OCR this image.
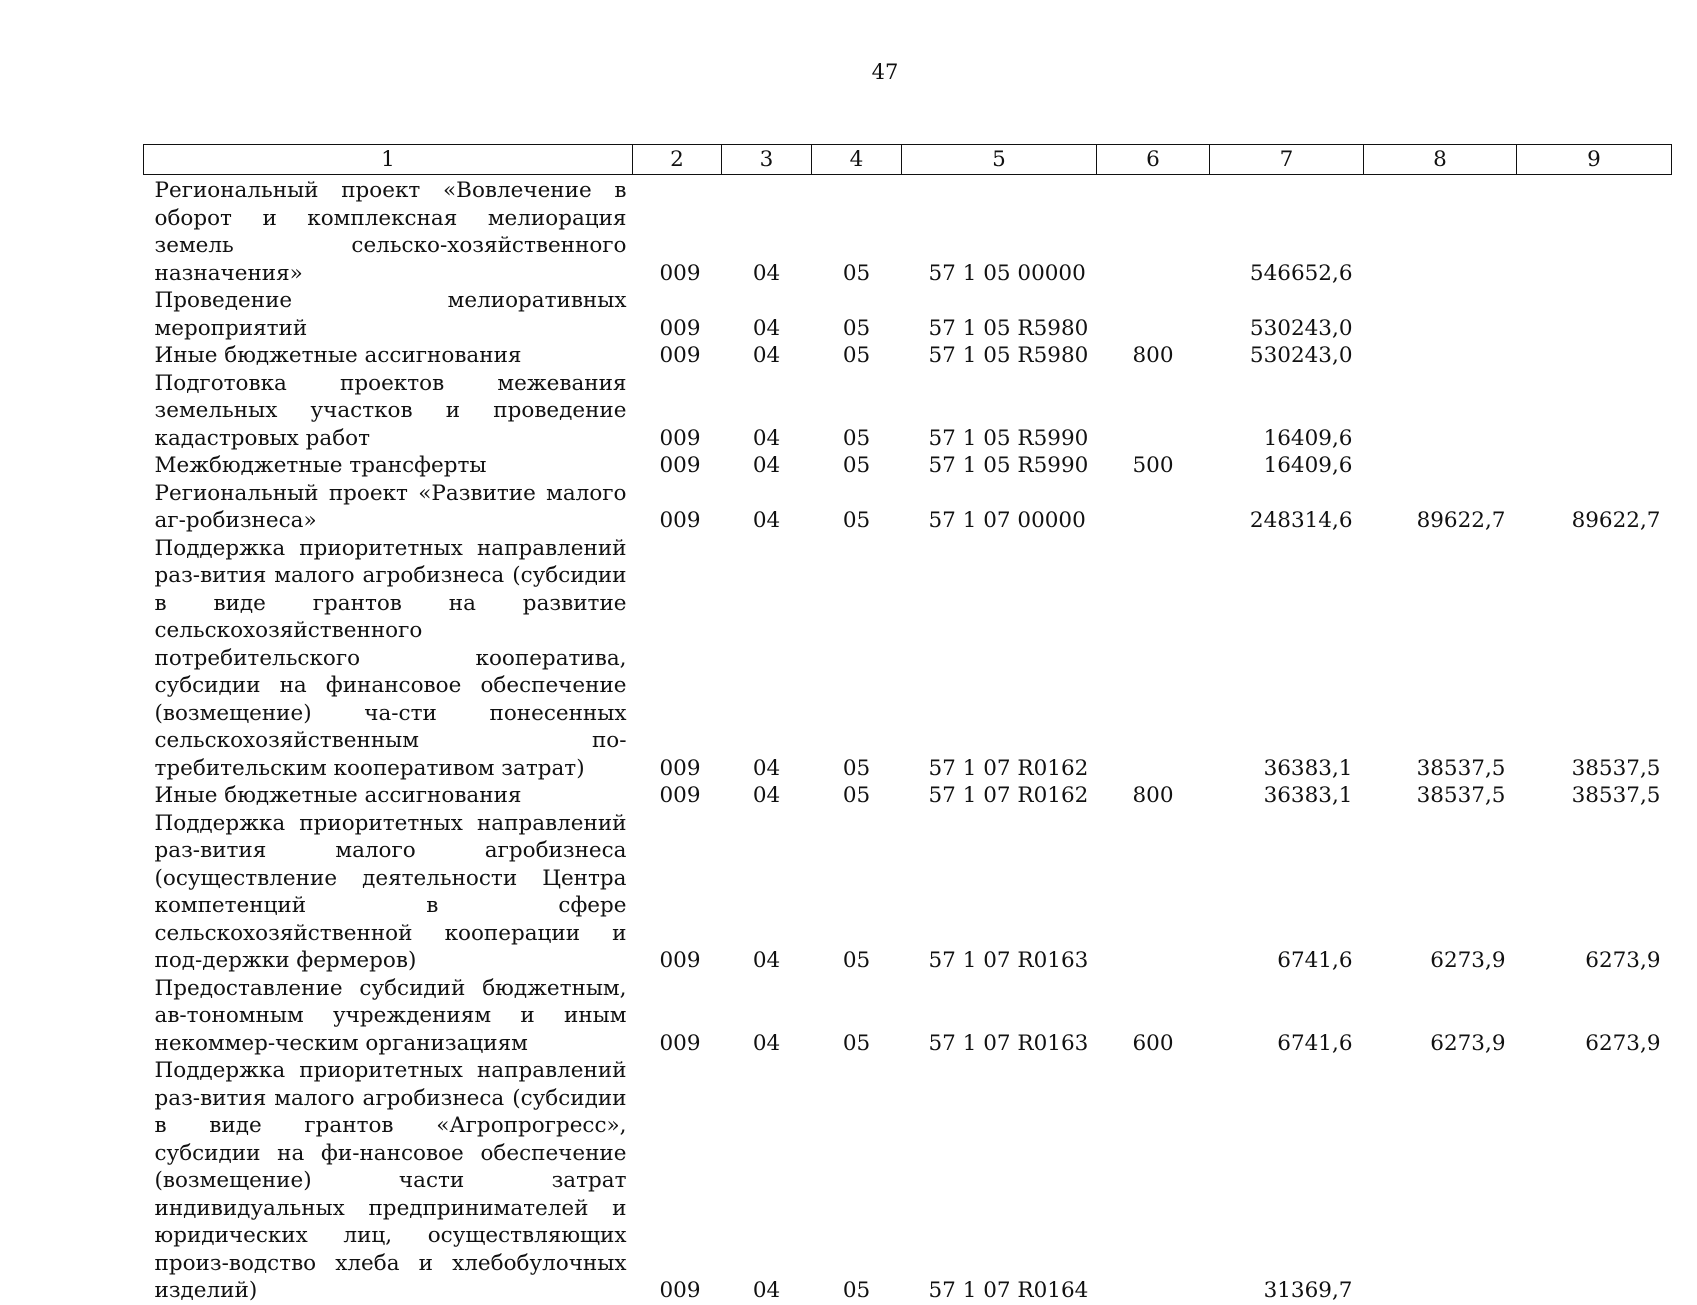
47
1	2	3	4	5	6	7	8	9

Региональный проект «Вовлечение в оборот и комплексная мелиорация земель сельско-хозяйственного назначения»	009	04	05	57 1 05 00000		546652,6		
Проведение мелиоративных мероприятий	009	04	05	57 1 05 R5980		530243,0		
Иные бюджетные ассигнования	009	04	05	57 1 05 R5980	800	530243,0		
Подготовка проектов межевания земельных участков и проведение кадастровых работ	009	04	05	57 1 05 R5990		16409,6		
Межбюджетные трансферты	009	04	05	57 1 05 R5990	500	16409,6		
Региональный проект «Развитие малого аг-робизнеса»	009	04	05	57 1 07 00000		248314,6	89622,7	89622,7
Поддержка приоритетных направлений раз-вития малого агробизнеса (субсидии в виде грантов на развитие сельскохозяйственного потребительского кооператива, субсидии на финансовое обеспечение (возмещение) ча-сти понесенных сельскохозяйственным по-требительским кооперативом затрат)	009	04	05	57 1 07 R0162		36383,1	38537,5	38537,5
Иные бюджетные ассигнования	009	04	05	57 1 07 R0162	800	36383,1	38537,5	38537,5
Поддержка приоритетных направлений раз-вития малого агробизнеса (осуществление деятельности Центра компетенций в сфере сельскохозяйственной кооперации и под-держки фермеров)	009	04	05	57 1 07 R0163		6741,6	6273,9	6273,9
Предоставление субсидий бюджетным, ав-тономным учреждениям и иным некоммер-ческим организациям	009	04	05	57 1 07 R0163	600	6741,6	6273,9	6273,9
Поддержка приоритетных направлений раз-вития малого агробизнеса (субсидии в виде грантов «Агропрогресс», субсидии на фи-нансовое обеспечение (возмещение) части затрат индивидуальных предпринимателей и юридических лиц, осуществляющих произ-водство хлеба и хлебобулочных изделий)	009	04	05	57 1 07 R0164		31369,7		
